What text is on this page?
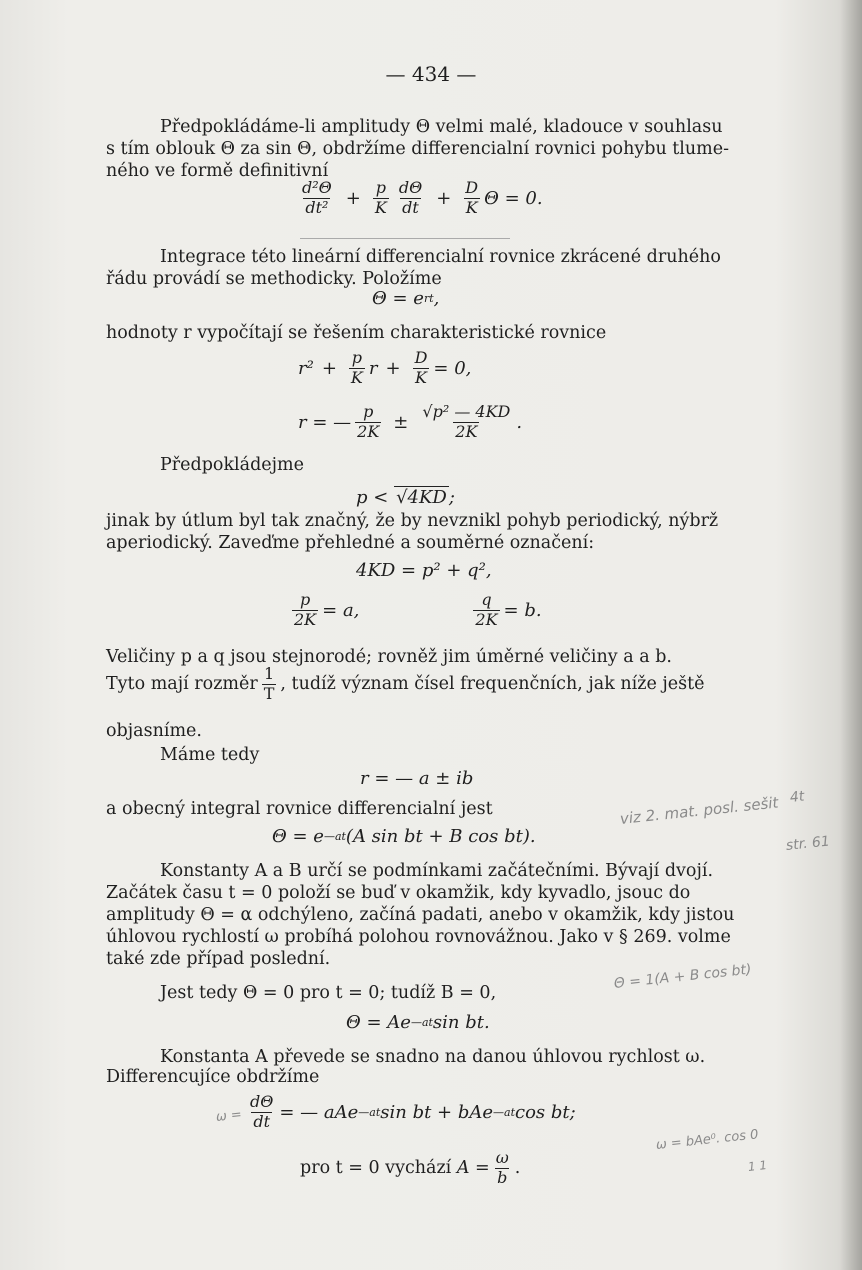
— 434 —
Předpokládáme-li amplitudy Θ velmi malé, kladouce v souhlasu
s tím oblouk Θ za sin Θ, obdržíme differencialní rovnici pohybu tlume-
ného ve formě definitivní
$\frac{\text{d²Θ}}{\text{dt²}} + \frac{p}{K} \frac{d\Theta}{dt} + \frac{D}{K}$ Θ = 0.
Integrace této lineární differencialní rovnice zkrácené druhého
řádu provádí se methodicky. Položíme
Θ = e rt ,
hodnoty r vypočítají se řešením charakteristické rovnice
$r^2 + \frac{p}{K}$ $r + \frac{D}{K} = 0$,
r = — $\frac{p}{2K} \pm \frac{\text{√p² — 4KD}}{2K}$ .
Předpokládejme
p <
√4KD ;
jinak by útlum byl tak značný, že by nevznikl pohyb periodický, nýbrž
aperiodický. Zaveďme přehledné a souměrné označení:
4KD = p² + q²,
$\frac{p}{2K} = a$,	$\frac{q}{2K} = b$.
Veličiny p a q jsou stejnorodé; rovněž jim úměrné veličiny a a b.
Tyto mají rozměr $\frac{1}{T}$ , tudíž význam čísel frequenčních, jak níže ještě
objasníme.
Máme tedy
r = — a ± ib
a obecný integral rovnice differencialní jest
Θ = e —at (A sin bt + B cos bt).
Konstanty A a B určí se podmínkami začátečními. Bývají dvojí.
Začátek času t = 0 položí se buď v okamžik, kdy kyvadlo, jsouc do
amplitudy Θ = α odchýleno, začíná padati, anebo v okamžik, kdy jistou
úhlovou rychlostí ω probíhá polohou rovnovážnou. Jako v § 269. volme
také zde případ poslední.
Jest tedy Θ = 0 pro t = 0; tudíž B = 0,
Θ = Ae —at sin bt.
Konstanta A převede se snadno na danou úhlovou rychlost ω.
Differencujíce obdržíme
$\frac{d\Theta}{dt}$ = — aAe —at sin bt + bAe —at cos bt;
pro t = 0 vychází
$A = \frac{\omega}{b}$ .
viz 2. mat. posl. sešit 4t
str. 61
Θ = 1(A + B cos bt)
ω = bAe⁰. cos 0
1 1
ω =
